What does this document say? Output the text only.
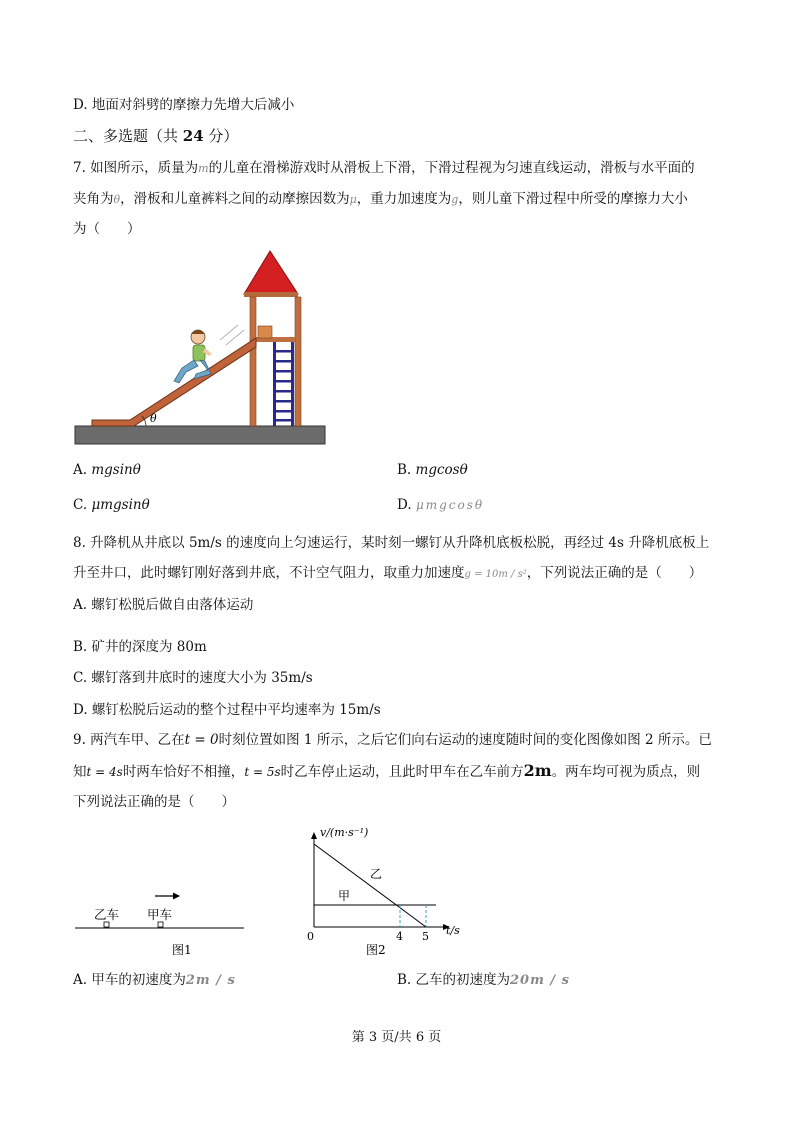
D. 地面对斜劈的摩擦力先增大后减小
二、多选题（共 24 分）
7. 如图所示，质量为m的儿童在滑梯游戏时从滑板上下滑，下滑过程视为匀速直线运动，滑板与水平面的
夹角为θ，滑板和儿童裤料之间的动摩擦因数为μ，重力加速度为g，则儿童下滑过程中所受的摩擦力大小
为（　　）
θ
A. mgsinθ	B. mgcosθ
C. μmgsinθ	D. μmgcosθ
8. 升降机从井底以 5m/s 的速度向上匀速运行，某时刻一螺钉从升降机底板松脱，再经过 4s 升降机底板上
升至井口，此时螺钉刚好落到井底，不计空气阻力，取重力加速度g = 10m / s²，下列说法正确的是（　　）
A. 螺钉松脱后做自由落体运动
B. 矿井的深度为 80m
C. 螺钉落到井底时的速度大小为 35m/s
D. 螺钉松脱后运动的整个过程中平均速率为 15m/s
9. 两汽车甲、乙在t = 0时刻位置如图 1 所示，之后它们向右运动的速度随时间的变化图像如图 2 所示。已
知t = 4s时两车恰好不相撞，t = 5s时乙车停止运动，且此时甲车在乙车前方2m。两车均可视为质点，则
下列说法正确的是（　　）
乙车 甲车
图1
v/(m·s⁻¹)
乙
甲
0	4 5 t/s
图2
A. 甲车的初速度为2m / s	B. 乙车的初速度为20m / s
第 3 页/共 6 页
